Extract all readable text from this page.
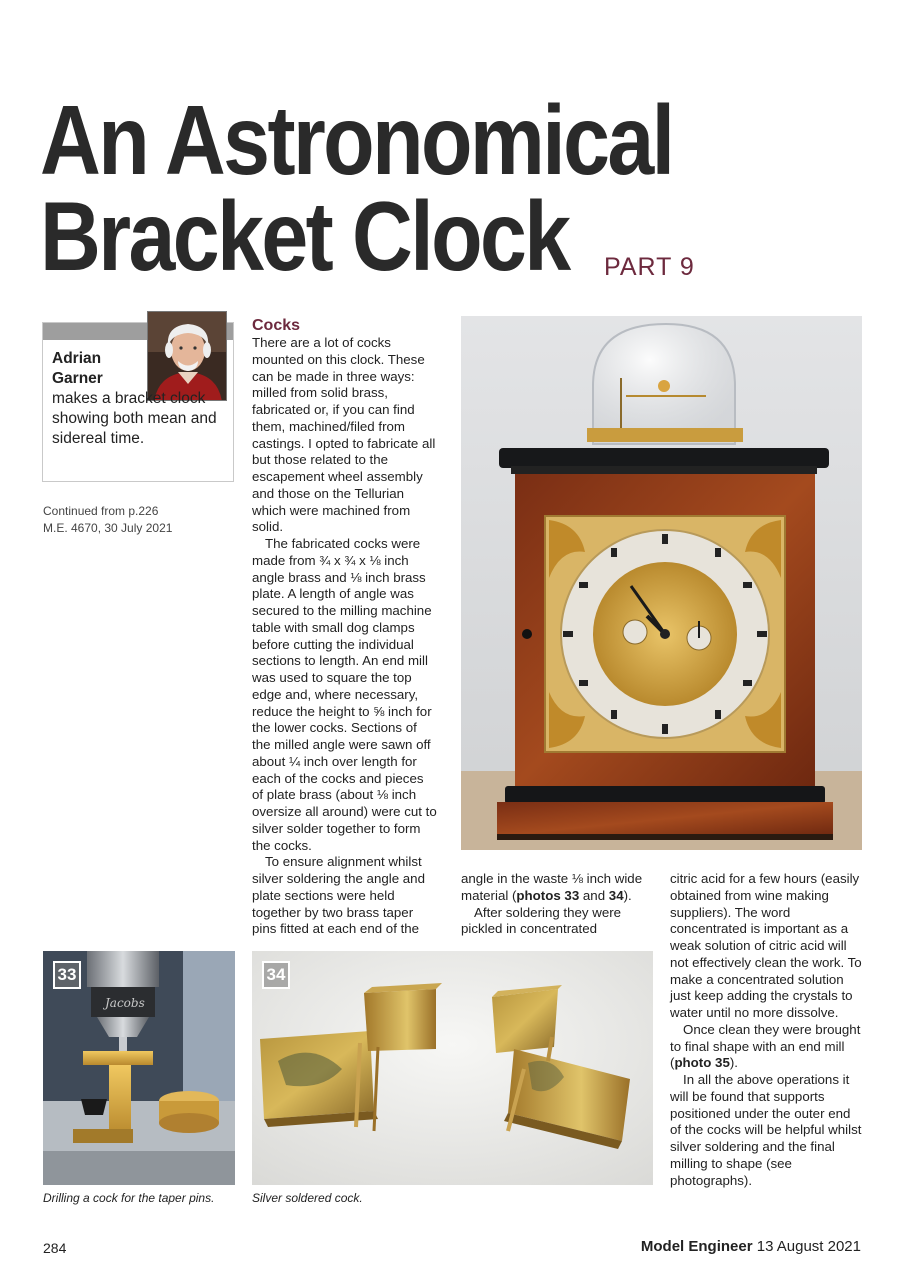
An Astronomical
Bracket Clock	PART 9
Adrian
Garner
makes a bracket clock showing both mean and sidereal time.
Continued from p.226
M.E. 4670, 30 July 2021
Cocks

There are a lot of cocks mounted on this clock. These can be made in three ways: milled from solid brass, fabricated or, if you can find them, machined/filed from castings. I opted to fabricate all but those related to the escapement wheel assembly and those on the Tellurian which were machined from solid.

The fabricated cocks were made from ¾ x ¾ x ⅛ inch angle brass and ⅛ inch brass plate. A length of angle was secured to the milling machine table with small dog clamps before cutting the individual sections to length. An end mill was used to square the top edge and, where necessary, reduce the height to ⅝ inch for the lower cocks. Sections of the milled angle were sawn off about ¼ inch over length for each of the cocks and pieces of plate brass (about ⅛ inch oversize all around) were cut to silver solder together to form the cocks.

To ensure alignment whilst silver soldering the angle and plate sections were held together by two brass taper pins fitted at each end of the

angle in the waste ⅛ inch wide material (photos 33 and 34).

After soldering they were pickled in concentrated

citric acid for a few hours (easily obtained from wine making suppliers). The word concentrated is important as a weak solution of citric acid will not effectively clean the work. To make a concentrated solution just keep adding the crystals to water until no more dissolve.

Once clean they were brought to final shape with an end mill (photo 35).

In all the above operations it will be found that supports positioned under the outer end of the cocks will be helpful whilst silver soldering and the final milling to shape (see photographs).

Jacobs
33
Drilling a cock for the taper pins.
34
Silver soldered cock.
284	Model Engineer 13 August 2021
